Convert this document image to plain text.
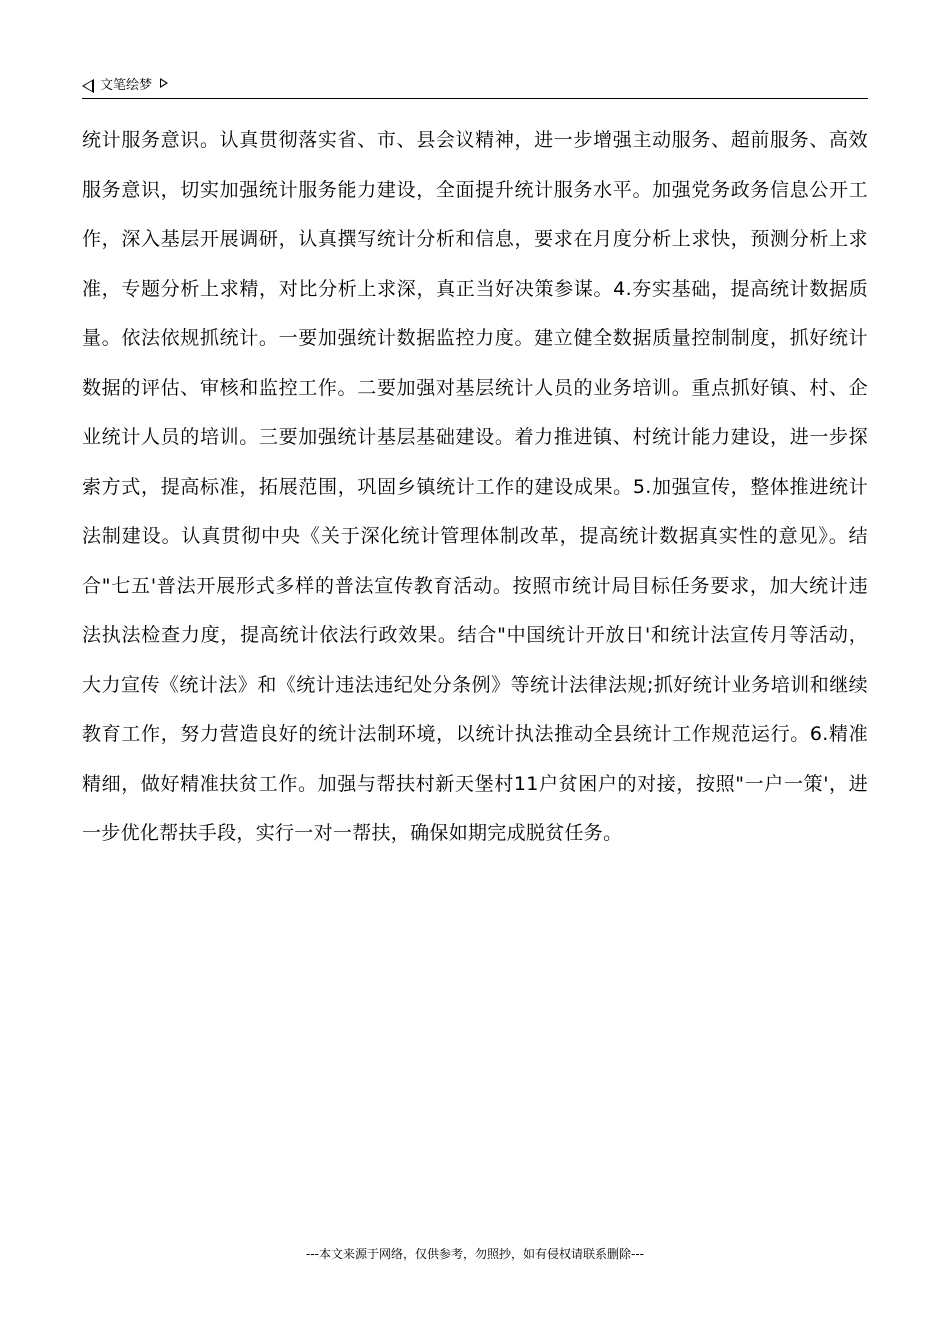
文笔绘梦

统计服务意识。认真贯彻落实省、市、县会议精神，进一步增强主动服务、超前服务、高效服务意识，切实加强统计服务能力建设，全面提升统计服务水平。加强党务政务信息公开工作，深入基层开展调研，认真撰写统计分析和信息，要求在月度分析上求快，预测分析上求准，专题分析上求精，对比分析上求深，真正当好决策参谋。4.夯实基础，提高统计数据质量。依法依规抓统计。一要加强统计数据监控力度。建立健全数据质量控制制度，抓好统计数据的评估、审核和监控工作。二要加强对基层统计人员的业务培训。重点抓好镇、村、企业统计人员的培训。三要加强统计基层基础建设。着力推进镇、村统计能力建设，进一步探索方式，提高标准，拓展范围，巩固乡镇统计工作的建设成果。5.加强宣传，整体推进统计法制建设。认真贯彻中央《关于深化统计管理体制改革，提高统计数据真实性的意见》。结合"七五'普法开展形式多样的普法宣传教育活动。按照市统计局目标任务要求，加大统计违法执法检查力度，提高统计依法行政效果。结合"中国统计开放日'和统计法宣传月等活动，大力宣传《统计法》和《统计违法违纪处分条例》等统计法律法规;抓好统计业务培训和继续教育工作，努力营造良好的统计法制环境，以统计执法推动全县统计工作规范运行。6.精准精细，做好精准扶贫工作。加强与帮扶村新天堡村11户贫困户的对接，按照"一户一策'，进一步优化帮扶手段，实行一对一帮扶，确保如期完成脱贫任务。

---本文来源于网络，仅供参考，勿照抄，如有侵权请联系删除---
